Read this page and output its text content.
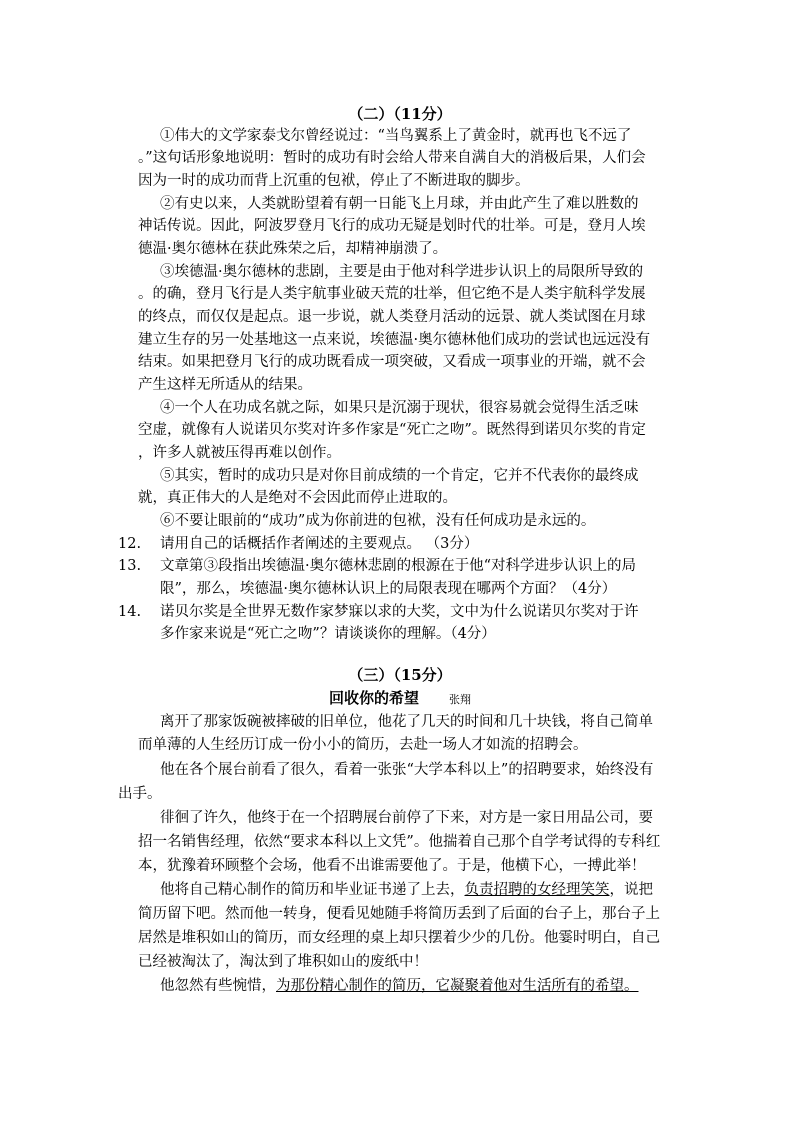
（二）（11分）
①伟大的文学家泰戈尔曾经说过：“当鸟翼系上了黄金时，就再也飞不远了
。”这句话形象地说明：暂时的成功有时会给人带来自满自大的消极后果，人们会
因为一时的成功而背上沉重的包袱，停止了不断进取的脚步。
②有史以来，人类就盼望着有朝一日能飞上月球，并由此产生了难以胜数的
神话传说。因此，阿波罗登月飞行的成功无疑是划时代的壮举。可是，登月人埃
德温·奥尔德林在获此殊荣之后，却精神崩溃了。
③埃德温·奥尔德林的悲剧，主要是由于他对科学进步认识上的局限所导致的
。的确，登月飞行是人类宇航事业破天荒的壮举，但它绝不是人类宇航科学发展
的终点，而仅仅是起点。退一步说，就人类登月活动的远景、就人类试图在月球
建立生存的另一处基地这一点来说，埃德温·奥尔德林他们成功的尝试也远远没有
结束。如果把登月飞行的成功既看成一项突破，又看成一项事业的开端，就不会
产生这样无所适从的结果。
④一个人在功成名就之际，如果只是沉溺于现状，很容易就会觉得生活乏味
空虚，就像有人说诺贝尔奖对许多作家是“死亡之吻”。既然得到诺贝尔奖的肯定
，许多人就被压得再难以创作。
⑤其实，暂时的成功只是对你目前成绩的一个肯定，它并不代表你的最终成
就，真正伟大的人是绝对不会因此而停止进取的。
⑥不要让眼前的“成功”成为你前进的包袱，没有任何成功是永远的。
12. 请用自己的话概括作者阐述的主要观点。 （3分）
13. 文章第③段指出埃德温·奥尔德林悲剧的根源在于他“对科学进步认识上的局
限”，那么，埃德温·奥尔德林认识上的局限表现在哪两个方面？（4分）
14. 诺贝尔奖是全世界无数作家梦寐以求的大奖，文中为什么说诺贝尔奖对于许
多作家来说是“死亡之吻”？请谈谈你的理解。（4分）
（三）（15分）
回收你的希望	张翔
离开了那家饭碗被摔破的旧单位，他花了几天的时间和几十块钱，将自己简单
而单薄的人生经历订成一份小小的简历，去赴一场人才如流的招聘会。
他在各个展台前看了很久，看着一张张“大学本科以上”的招聘要求，始终没有
出手。
徘徊了许久，他终于在一个招聘展台前停了下来，对方是一家日用品公司，要
招一名销售经理，依然“要求本科以上文凭”。他揣着自己那个自学考试得的专科红
本，犹豫着环顾整个会场，他看不出谁需要他了。于是，他横下心，一搏此举！
他将自己精心制作的简历和毕业证书递了上去，负责招聘的女经理笑笑，说把
简历留下吧。然而他一转身，便看见她随手将简历丢到了后面的台子上，那台子上
居然是堆积如山的简历，而女经理的桌上却只摆着少少的几份。他霎时明白，自己
已经被淘汰了，淘汰到了堆积如山的废纸中！
他忽然有些惋惜，为那份精心制作的简历，它凝聚着他对生活所有的希望。
